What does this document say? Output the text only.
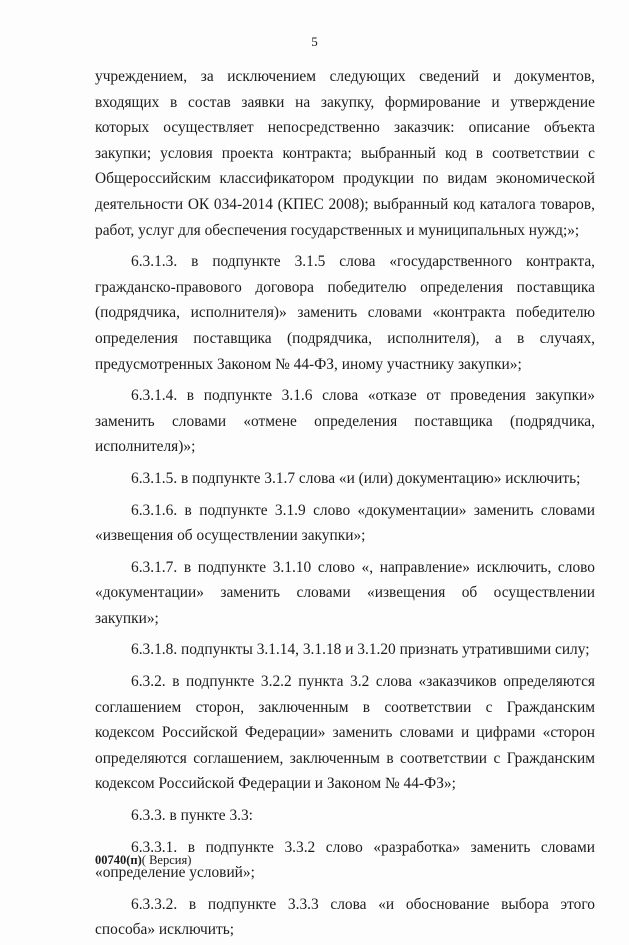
5

учреждением, за исключением следующих сведений и документов, входящих в состав заявки на закупку, формирование и утверждение которых осуществляет непосредственно заказчик: описание объекта закупки; условия проекта контракта; выбранный код в соответствии с Общероссийским классификатором продукции по видам экономической деятельности ОК 034-2014 (КПЕС 2008); выбранный код каталога товаров, работ, услуг для обеспечения государственных и муниципальных нужд;»;

6.3.1.3. в подпункте 3.1.5 слова «государственного контракта, гражданско-правового договора победителю определения поставщика (подрядчика, исполнителя)» заменить словами «контракта победителю определения поставщика (подрядчика, исполнителя), а в случаях, предусмотренных Законом № 44-ФЗ, иному участнику закупки»;

6.3.1.4. в подпункте 3.1.6 слова «отказе от проведения закупки» заменить словами «отмене определения поставщика (подрядчика, исполнителя)»;

6.3.1.5. в подпункте 3.1.7 слова «и (или) документацию» исключить;

6.3.1.6. в подпункте 3.1.9 слово «документации» заменить словами «извещения об осуществлении закупки»;

6.3.1.7. в подпункте 3.1.10 слово «, направление» исключить, слово «документации» заменить словами «извещения об осуществлении закупки»;

6.3.1.8. подпункты 3.1.14, 3.1.18 и 3.1.20 признать утратившими силу;

6.3.2. в подпункте 3.2.2 пункта 3.2 слова «заказчиков определяются соглашением сторон, заключенным в соответствии с Гражданским кодексом Российской Федерации» заменить словами и цифрами «сторон определяются соглашением, заключенным в соответствии с Гражданским кодексом Российской Федерации и Законом № 44-ФЗ»;

6.3.3. в пункте 3.3:

6.3.3.1. в подпункте 3.3.2 слово «разработка» заменить словами «определение условий»;

6.3.3.2. в подпункте 3.3.3 слова «и обоснование выбора этого способа» исключить;

00740(п)( Версия)
